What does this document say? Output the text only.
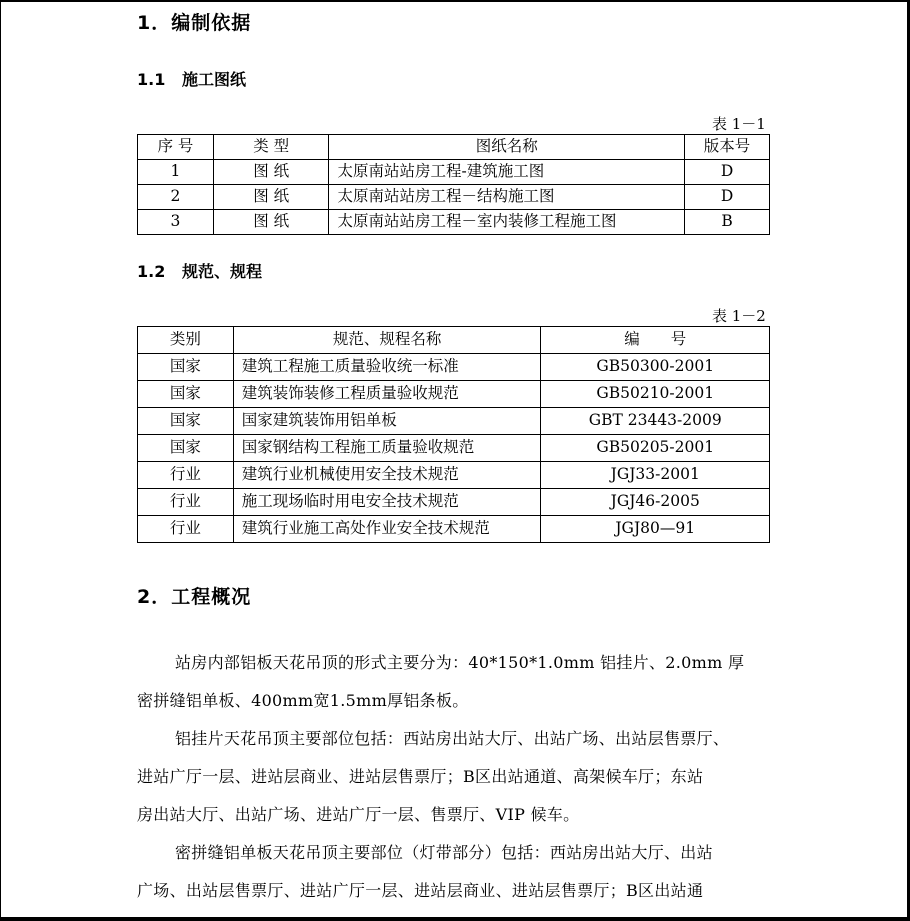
1．编制依据
1.1 施工图纸
表 1－1
序 号	类 型	图纸名称	版本号
1	图 纸	太原南站站房工程-建筑施工图	D
2	图 纸	太原南站站房工程－结构施工图	D
3	图 纸	太原南站站房工程－室内装修工程施工图	B
1.2 规范、规程
表 1－2
类别	规范、规程名称	编　　号
国家	建筑工程施工质量验收统一标准	GB50300-2001
国家	建筑装饰装修工程质量验收规范	GB50210-2001
国家	国家建筑装饰用铝单板	GBT 23443-2009
国家	国家钢结构工程施工质量验收规范	GB50205-2001
行业	建筑行业机械使用安全技术规范	JGJ33-2001
行业	施工现场临时用电安全技术规范	JGJ46-2005
行业	建筑行业施工高处作业安全技术规范	JGJ80—91
2．工程概况

站房内部铝板天花吊顶的形式主要分为：40*150*1.0mm 铝挂片、2.0mm 厚

密拼缝铝单板、400mm宽1.5mm厚铝条板。

铝挂片天花吊顶主要部位包括：西站房出站大厅、出站广场、出站层售票厅、

进站广厅一层、进站层商业、进站层售票厅；B区出站通道、高架候车厅；东站

房出站大厅、出站广场、进站广厅一层、售票厅、VIP 候车。

密拼缝铝单板天花吊顶主要部位（灯带部分）包括：西站房出站大厅、出站

广场、出站层售票厅、进站广厅一层、进站层商业、进站层售票厅；B区出站通
